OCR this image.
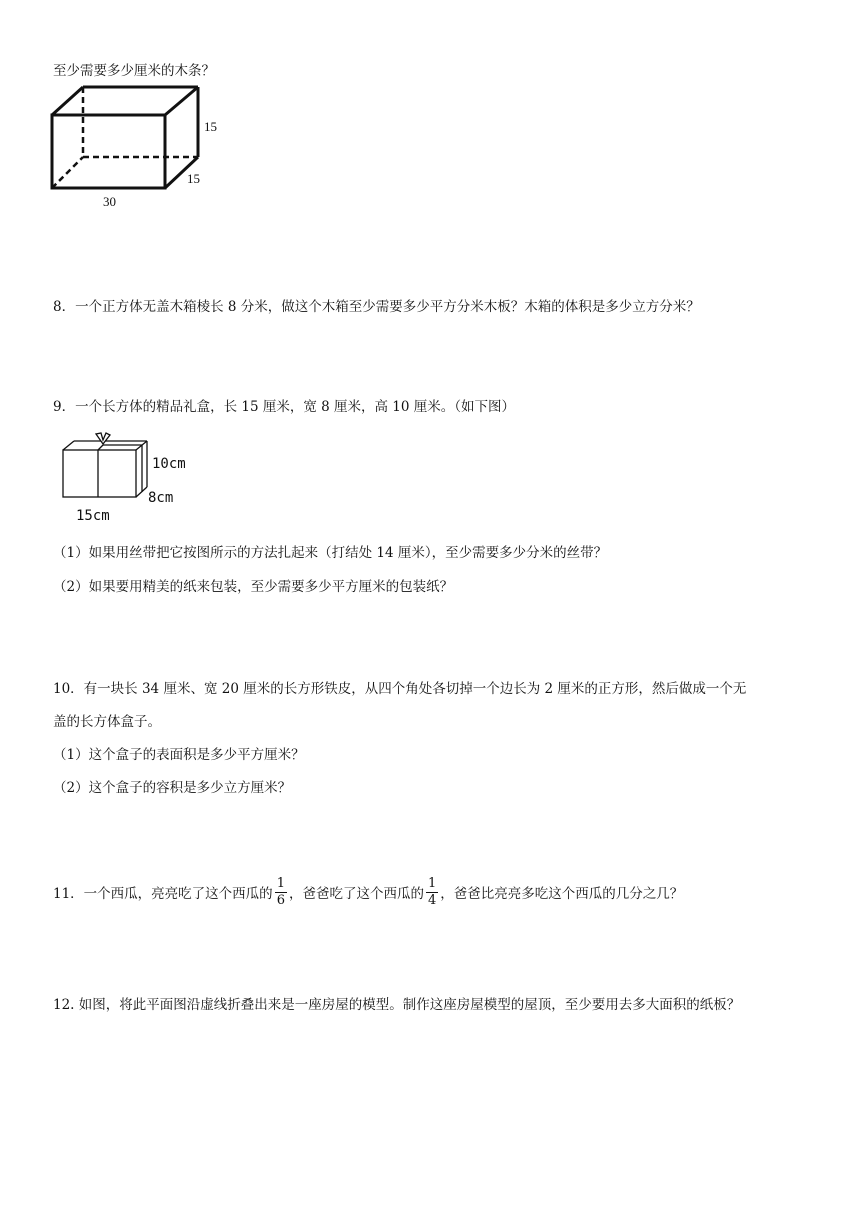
至少需要多少厘米的木条？
15
15
30
8．一个正方体无盖木箱棱长 8 分米，做这个木箱至少需要多少平方分米木板？木箱的体积是多少立方分米？
9．一个长方体的精品礼盒，长 15 厘米，宽 8 厘米，高 10 厘米。（如下图）
10cm
8cm
15cm
（1）如果用丝带把它按图所示的方法扎起来（打结处 14 厘米），至少需要多少分米的丝带？
（2）如果要用精美的纸来包装，至少需要多少平方厘米的包装纸？
10．有一块长 34 厘米、宽 20 厘米的长方形铁皮，从四个角处各切掉一个边长为 2 厘米的正方形，然后做成一个无
盖的长方体盒子。
（1）这个盒子的表面积是多少平方厘米？
（2）这个盒子的容积是多少立方厘米？
11．一个西瓜，亮亮吃了这个西瓜的 $\frac{1}{6}$ ，爸爸吃了这个西瓜的 $\frac{1}{4}$ ，爸爸比亮亮多吃这个西瓜的几分之几？
12. 如图，将此平面图沿虚线折叠出来是一座房屋的模型。制作这座房屋模型的屋顶，至少要用去多大面积的纸板？
